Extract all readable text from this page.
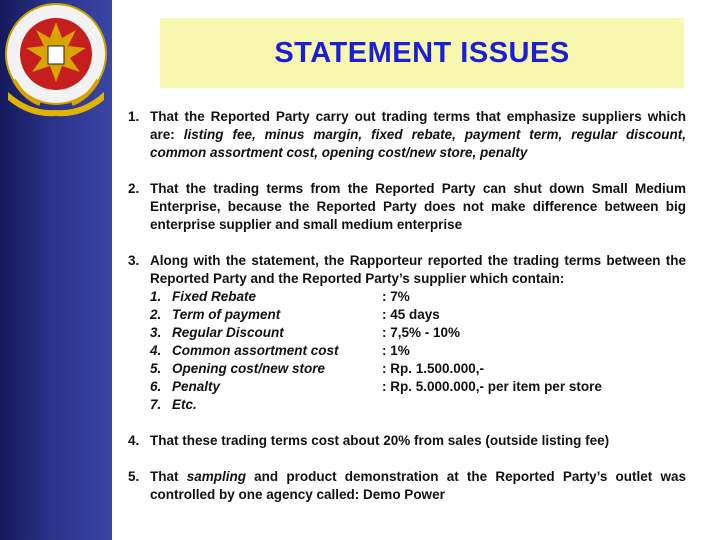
STATEMENT ISSUES
1. That the Reported Party carry out trading terms that emphasize suppliers which are: listing fee, minus margin, fixed rebate, payment term, regular discount, common assortment cost, opening cost/new store, penalty
2. That the trading terms from the Reported Party can shut down Small Medium Enterprise, because the Reported Party does not make difference between big enterprise supplier and small medium enterprise
3. Along with the statement, the Rapporteur reported the trading terms between the Reported Party and the Reported Party’s supplier which contain:
1. Fixed Rebate	: 7%
2. Term of payment	: 45 days
3. Regular Discount	: 7,5% - 10%
4. Common assortment cost	: 1%
5. Opening cost/new store	: Rp. 1.500.000,-
6. Penalty	: Rp. 5.000.000,- per item per store
7. Etc.
4. That these trading terms cost about 20% from sales (outside listing fee)
5. That sampling and product demonstration at the Reported Party’s outlet was controlled by one agency called: Demo Power
